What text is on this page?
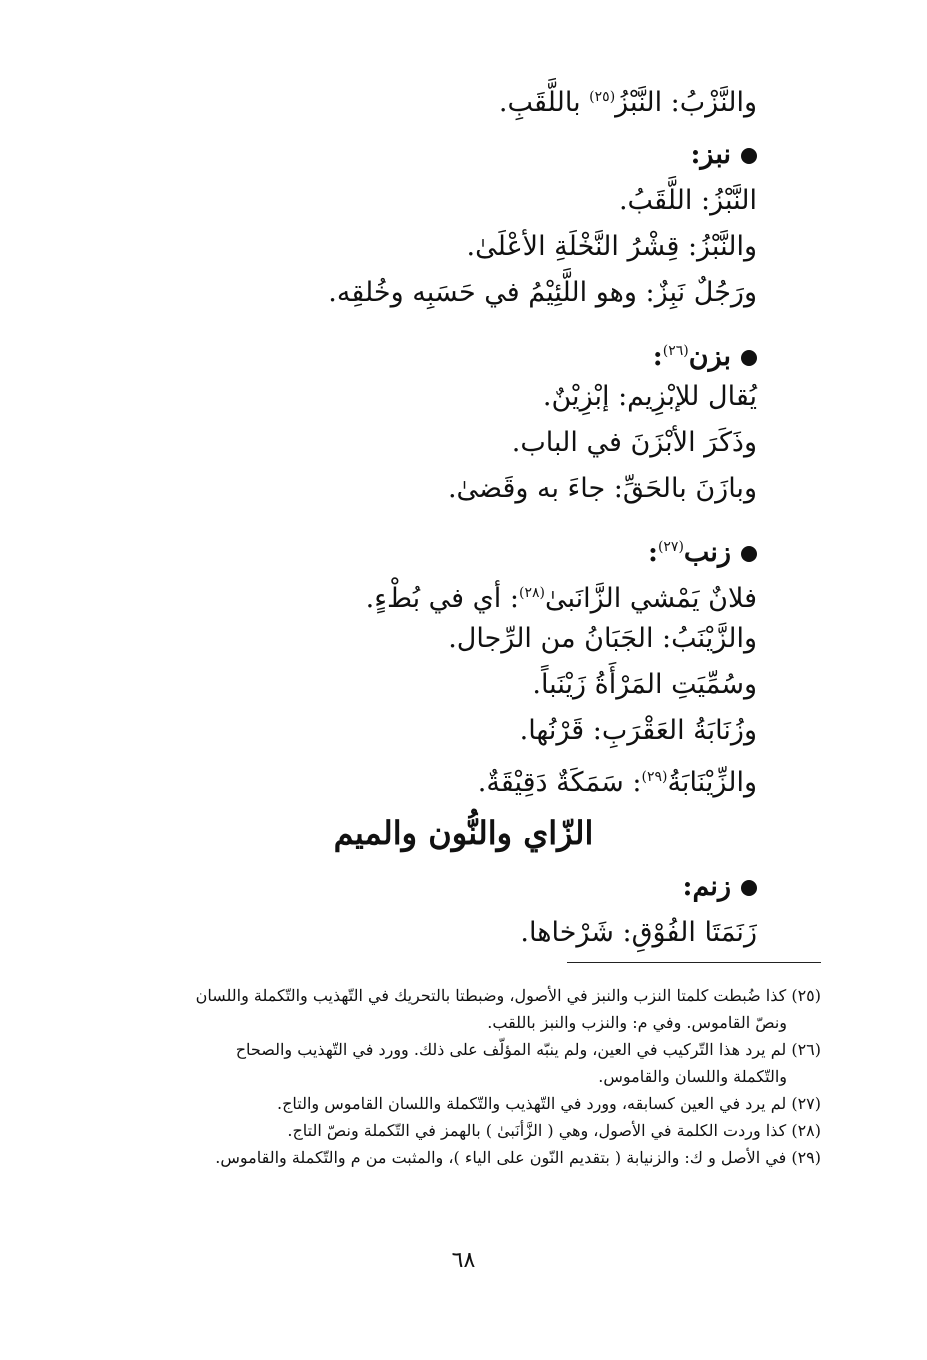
والنَّزْبُ: النَّبْزُ$^{(٢٥)}$ باللَّقَبِ.
نبز:
النَّبْزُ: اللَّقَبُ.
والنَّبْزُ: قِشْرُ النَّخْلَةِ الأعْلَىٰ.
ورَجُلٌ نَبِزٌ: وهو اللَّئِيْمُ في حَسَبِه وخُلقِه.
بزن$^{(٢٦)}$:
يُقال للإبْزِيم: إبْزِيْنٌ.
وذَكَرَ الأبْزَنَ في الباب.
وبازَنَ بالحَقِّ: جاءَ به وقَضىٰ.
زنب$^{(٢٧)}$:
فلانٌ يَمْشي الزَّانَبىٰ$^{(٢٨)}$: أي في بُطْءٍ.
والزَّيْنَبُ: الجَبَانُ من الرِّجال.
وسُمِّيَتِ المَرْأَةُ زَيْنَباً.
وزُنَابَةُ العَقْرَبِ: قَرْنُها.
والزِّيْنَابَةُ$^{(٢٩)}$: سَمَكَةٌ دَقِيْقَةٌ.
الزّاي والنُّون والميم
زنم:
زَنَمَتَا الفُوْقِ: شَرْخاها.
(٢٥) كذا ضُبطت كلمتا النزب والنبز في الأصول، وضبطتا بالتحريك في التّهذيب والتّكملة واللسان
ونصّ القاموس. وفي م: والنزب والنبز باللقب.
(٢٦) لم يرد هذا التّركيب في العين، ولم ينبّه المؤلّف على ذلك. وورد في التّهذيب والصحاح
والتّكملة واللسان والقاموس.
(٢٧) لم يرد في العين كسابقه، وورد في التّهذيب والتّكملة واللسان القاموس والتاج.
(٢٨) كذا وردت الكلمة في الأصول، وهي ( الزَّأنَبىٰ ) بالهمز في التّكملة ونصّ التاج.
(٢٩) في الأصل و ك: والزنيابة ( بتقديم النّون على الياء )، والمثبت من م والتّكملة والقاموس.
٦٨
